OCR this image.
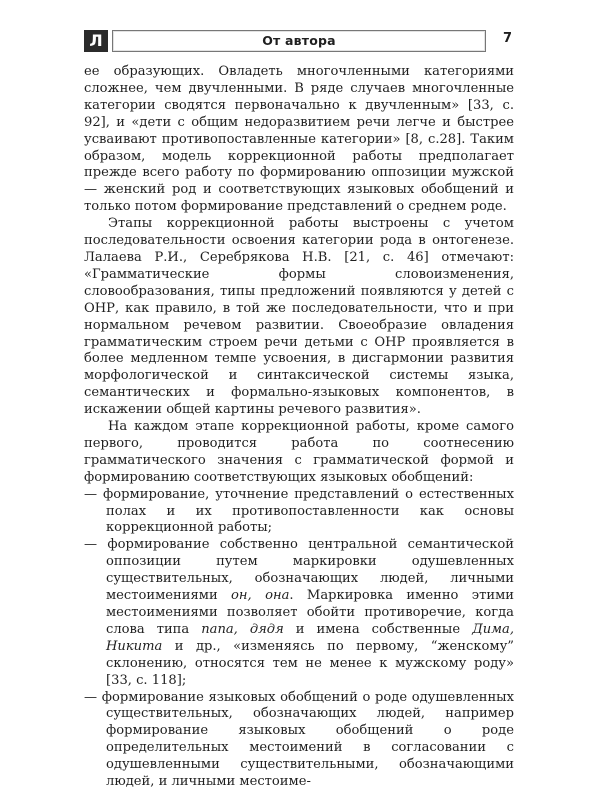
Л	От автора	7

ее образующих. Овладеть многочленными категориями сложнее, чем двучленными. В ряде случаев многочленные категории сводятся первоначально к двучленным» [33, с. 92], и «дети с общим недоразвитием речи легче и быстрее усваивают противопоставленные категории» [8, с.28]. Таким образом, модель коррекционной работы предполагает прежде всего работу по формированию оппозиции мужской — женский род и соответствующих языковых обобщений и только потом формирование представлений о среднем роде.

Этапы коррекционной работы выстроены с учетом последовательности освоения категории рода в онтогенезе. Лалаева Р.И., Серебрякова Н.В. [21, с. 46] отмечают: «Грамматические формы словоизменения, словообразования, типы предложений появляются у детей с ОНР, как правило, в той же последовательности, что и при нормальном речевом развитии. Своеобразие овладения грамматическим строем речи детьми с ОНР проявляется в более медленном темпе усвоения, в дисгармонии развития морфологической и синтаксической системы языка, семантических и формально-языковых компонентов, в искажении общей картины речевого развития».

На каждом этапе коррекционной работы, кроме самого первого, проводится работа по соотнесению грамматического значения с грамматической формой и формированию соответствующих языковых обобщений:

— формирование, уточнение представлений о естественных полах и их противопоставленности как основы коррекционной работы;

— формирование собственно центральной семантической оппозиции путем маркировки одушевленных существительных, обозначающих людей, личными местоимениями он, она. Маркировка именно этими местоимениями позволяет обойти противоречие, когда слова типа папа, дядя и имена собственные Дима, Никита и др., «изменяясь по первому, “женскому” склонению, относятся тем не менее к мужскому роду» [33, с. 118];

— формирование языковых обобщений о роде одушевленных существительных, обозначающих людей, например формирование языковых обобщений о роде определительных местоимений в согласовании с одушевленными существительными, обозначающими людей, и личными местоиме-
